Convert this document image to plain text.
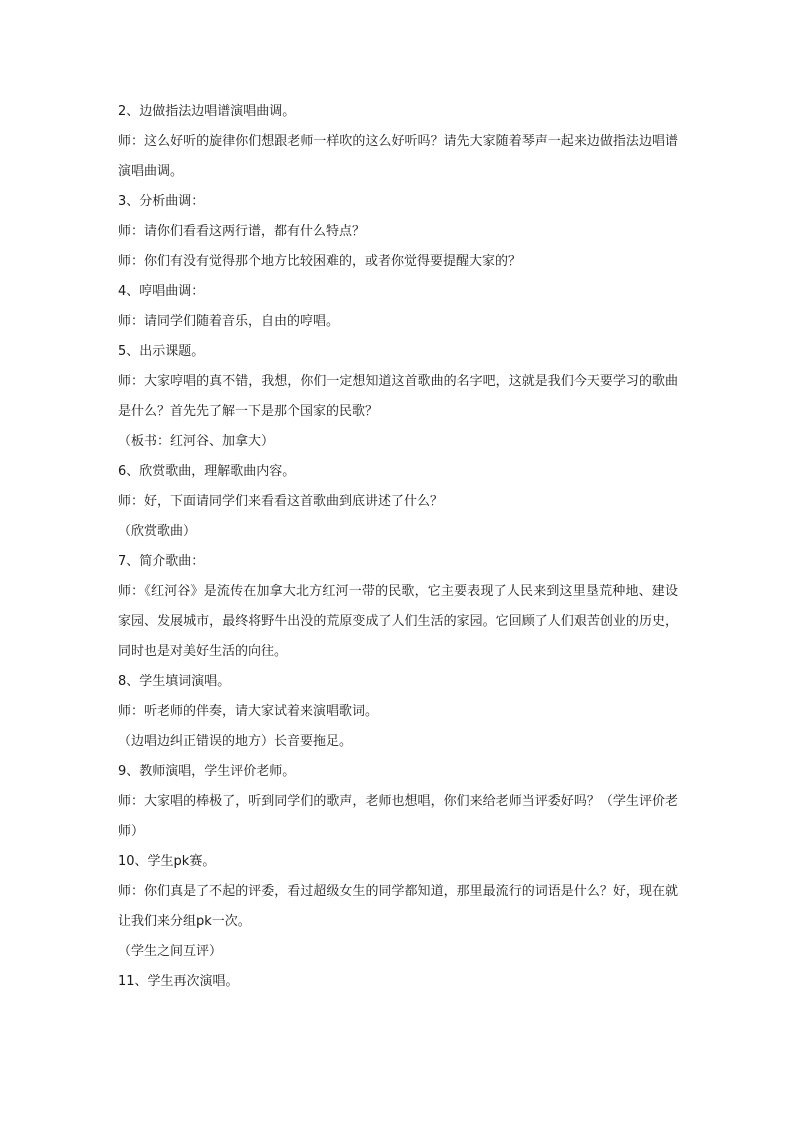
2、边做指法边唱谱演唱曲调。

师：这么好听的旋律你们想跟老师一样吹的这么好听吗？请先大家随着琴声一起来边做指法边唱谱演唱曲调。

3、分析曲调：

师：请你们看看这两行谱，都有什么特点？

师：你们有没有觉得那个地方比较困难的，或者你觉得要提醒大家的？

4、哼唱曲调：

师：请同学们随着音乐，自由的哼唱。

5、出示课题。

师：大家哼唱的真不错，我想，你们一定想知道这首歌曲的名字吧，这就是我们今天要学习的歌曲是什么？首先先了解一下是那个国家的民歌？

（板书：红河谷、加拿大）

6、欣赏歌曲，理解歌曲内容。

师：好，下面请同学们来看看这首歌曲到底讲述了什么？

（欣赏歌曲）

7、简介歌曲：

师：《红河谷》是流传在加拿大北方红河一带的民歌，它主要表现了人民来到这里垦荒种地、建设家园、发展城市，最终将野牛出没的荒原变成了人们生活的家园。它回顾了人们艰苦创业的历史，同时也是对美好生活的向往。

8、学生填词演唱。

师：听老师的伴奏，请大家试着来演唱歌词。

（边唱边纠正错误的地方）长音要拖足。

9、教师演唱，学生评价老师。

师：大家唱的棒极了，听到同学们的歌声，老师也想唱，你们来给老师当评委好吗？（学生评价老师）

10、学生pk赛。

师：你们真是了不起的评委，看过超级女生的同学都知道，那里最流行的词语是什么？好，现在就让我们来分组pk一次。

（学生之间互评）

11、学生再次演唱。
